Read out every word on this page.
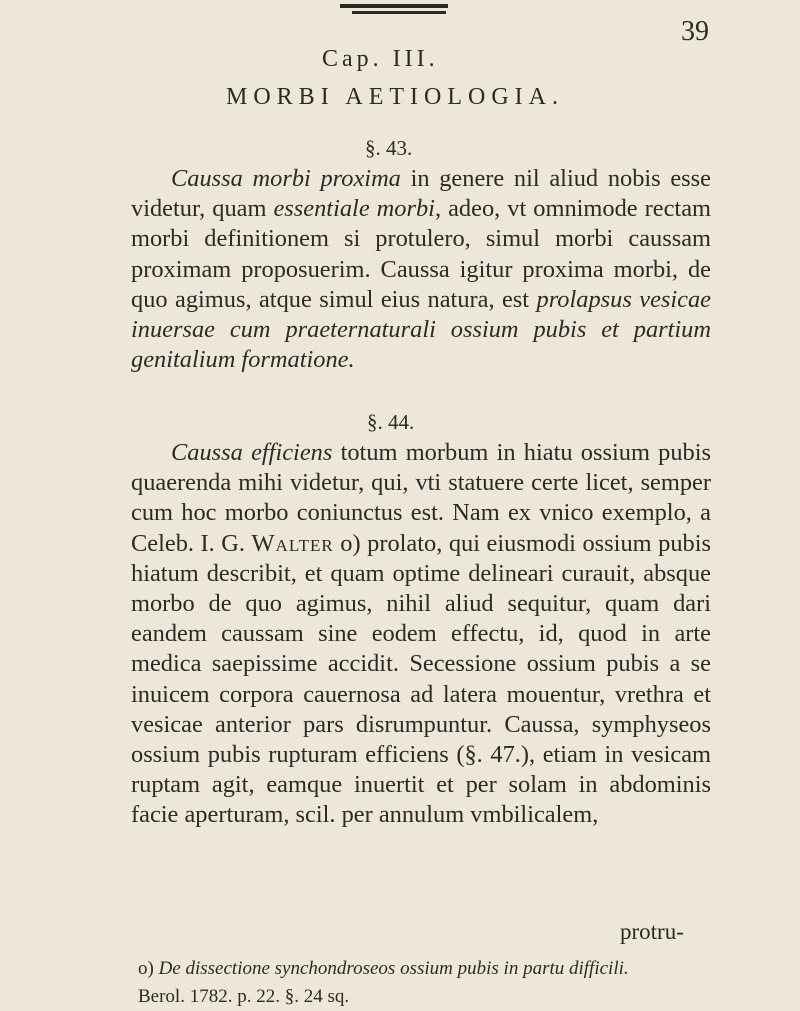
39
Cap. III.
MORBI AETIOLOGIA.
§. 43.

Caussa morbi proxima in genere nil aliud nobis esse videtur, quam essentiale morbi, adeo, vt omnimode rectam morbi definitionem si protulero, simul morbi caussam proximam proposuerim. Caussa igitur proxima morbi, de quo agimus, atque simul eius natura, est prolapsus vesicae inuersae cum praeternaturali ossium pubis et partium genitalium formatione.

§. 44.

Caussa efficiens totum morbum in hiatu ossium pubis quaerenda mihi videtur, qui, vti statuere certe licet, semper cum hoc morbo coniunctus est. Nam ex vnico exemplo, a Celeb. I. G. Walter o) prolato, qui eiusmodi ossium pubis hiatum describit, et quam optime delineari curauit, absque morbo de quo agimus, nihil aliud sequitur, quam dari eandem caussam sine eodem effectu, id, quod in arte medica saepissime accidit. Secessione ossium pubis a se inuicem corpora cauernosa ad latera mouentur, vrethra et vesicae anterior pars disrumpuntur. Caussa, symphyseos ossium pubis rupturam efficiens (§. 47.), etiam in vesicam ruptam agit, eamque inuertit et per solam in abdominis facie aperturam, scil. per annulum vmbilicalem,

protru-

o) De dissectione synchondroseos ossium pubis in partu difficili.
Berol. 1782. p. 22. §. 24 sq.
